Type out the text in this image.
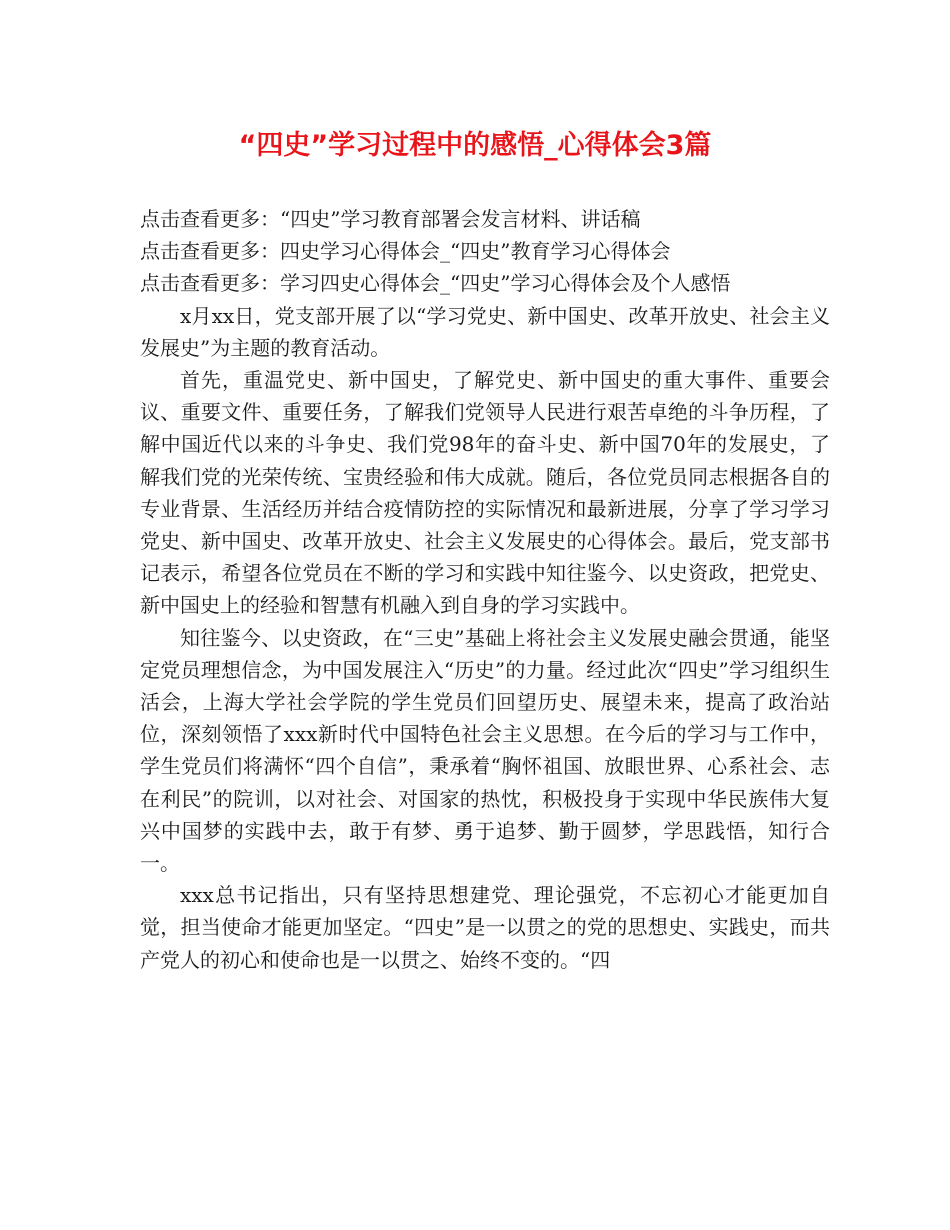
“四史”学习过程中的感悟_心得体会3篇

点击查看更多：“四史”学习教育部署会发言材料、讲话稿

点击查看更多：四史学习心得体会_“四史”教育学习心得体会

点击查看更多：学习四史心得体会_“四史”学习心得体会及个人感悟

x月xx日，党支部开展了以“学习党史、新中国史、改革开放史、社会主义发展史”为主题的教育活动。

首先，重温党史、新中国史，了解党史、新中国史的重大事件、重要会议、重要文件、重要任务，了解我们党领导人民进行艰苦卓绝的斗争历程，了解中国近代以来的斗争史、我们党98年的奋斗史、新中国70年的发展史，了解我们党的光荣传统、宝贵经验和伟大成就。随后，各位党员同志根据各自的专业背景、生活经历并结合疫情防控的实际情况和最新进展，分享了学习学习党史、新中国史、改革开放史、社会主义发展史的心得体会。最后，党支部书记表示，希望各位党员在不断的学习和实践中知往鉴今、以史资政，把党史、新中国史上的经验和智慧有机融入到自身的学习实践中。

知往鉴今、以史资政，在“三史”基础上将社会主义发展史融会贯通，能坚定党员理想信念，为中国发展注入“历史”的力量。经过此次“四史”学习组织生活会，上海大学社会学院的学生党员们回望历史、展望未来，提高了政治站位，深刻领悟了xxx新时代中国特色社会主义思想。在今后的学习与工作中，学生党员们将满怀“四个自信”，秉承着“胸怀祖国、放眼世界、心系社会、志在利民”的院训，以对社会、对国家的热忱，积极投身于实现中华民族伟大复兴中国梦的实践中去，敢于有梦、勇于追梦、勤于圆梦，学思践悟，知行合一。

xxx总书记指出，只有坚持思想建党、理论强党，不忘初心才能更加自觉，担当使命才能更加坚定。“四史”是一以贯之的党的思想史、实践史，而共产党人的初心和使命也是一以贯之、始终不变的。“四
